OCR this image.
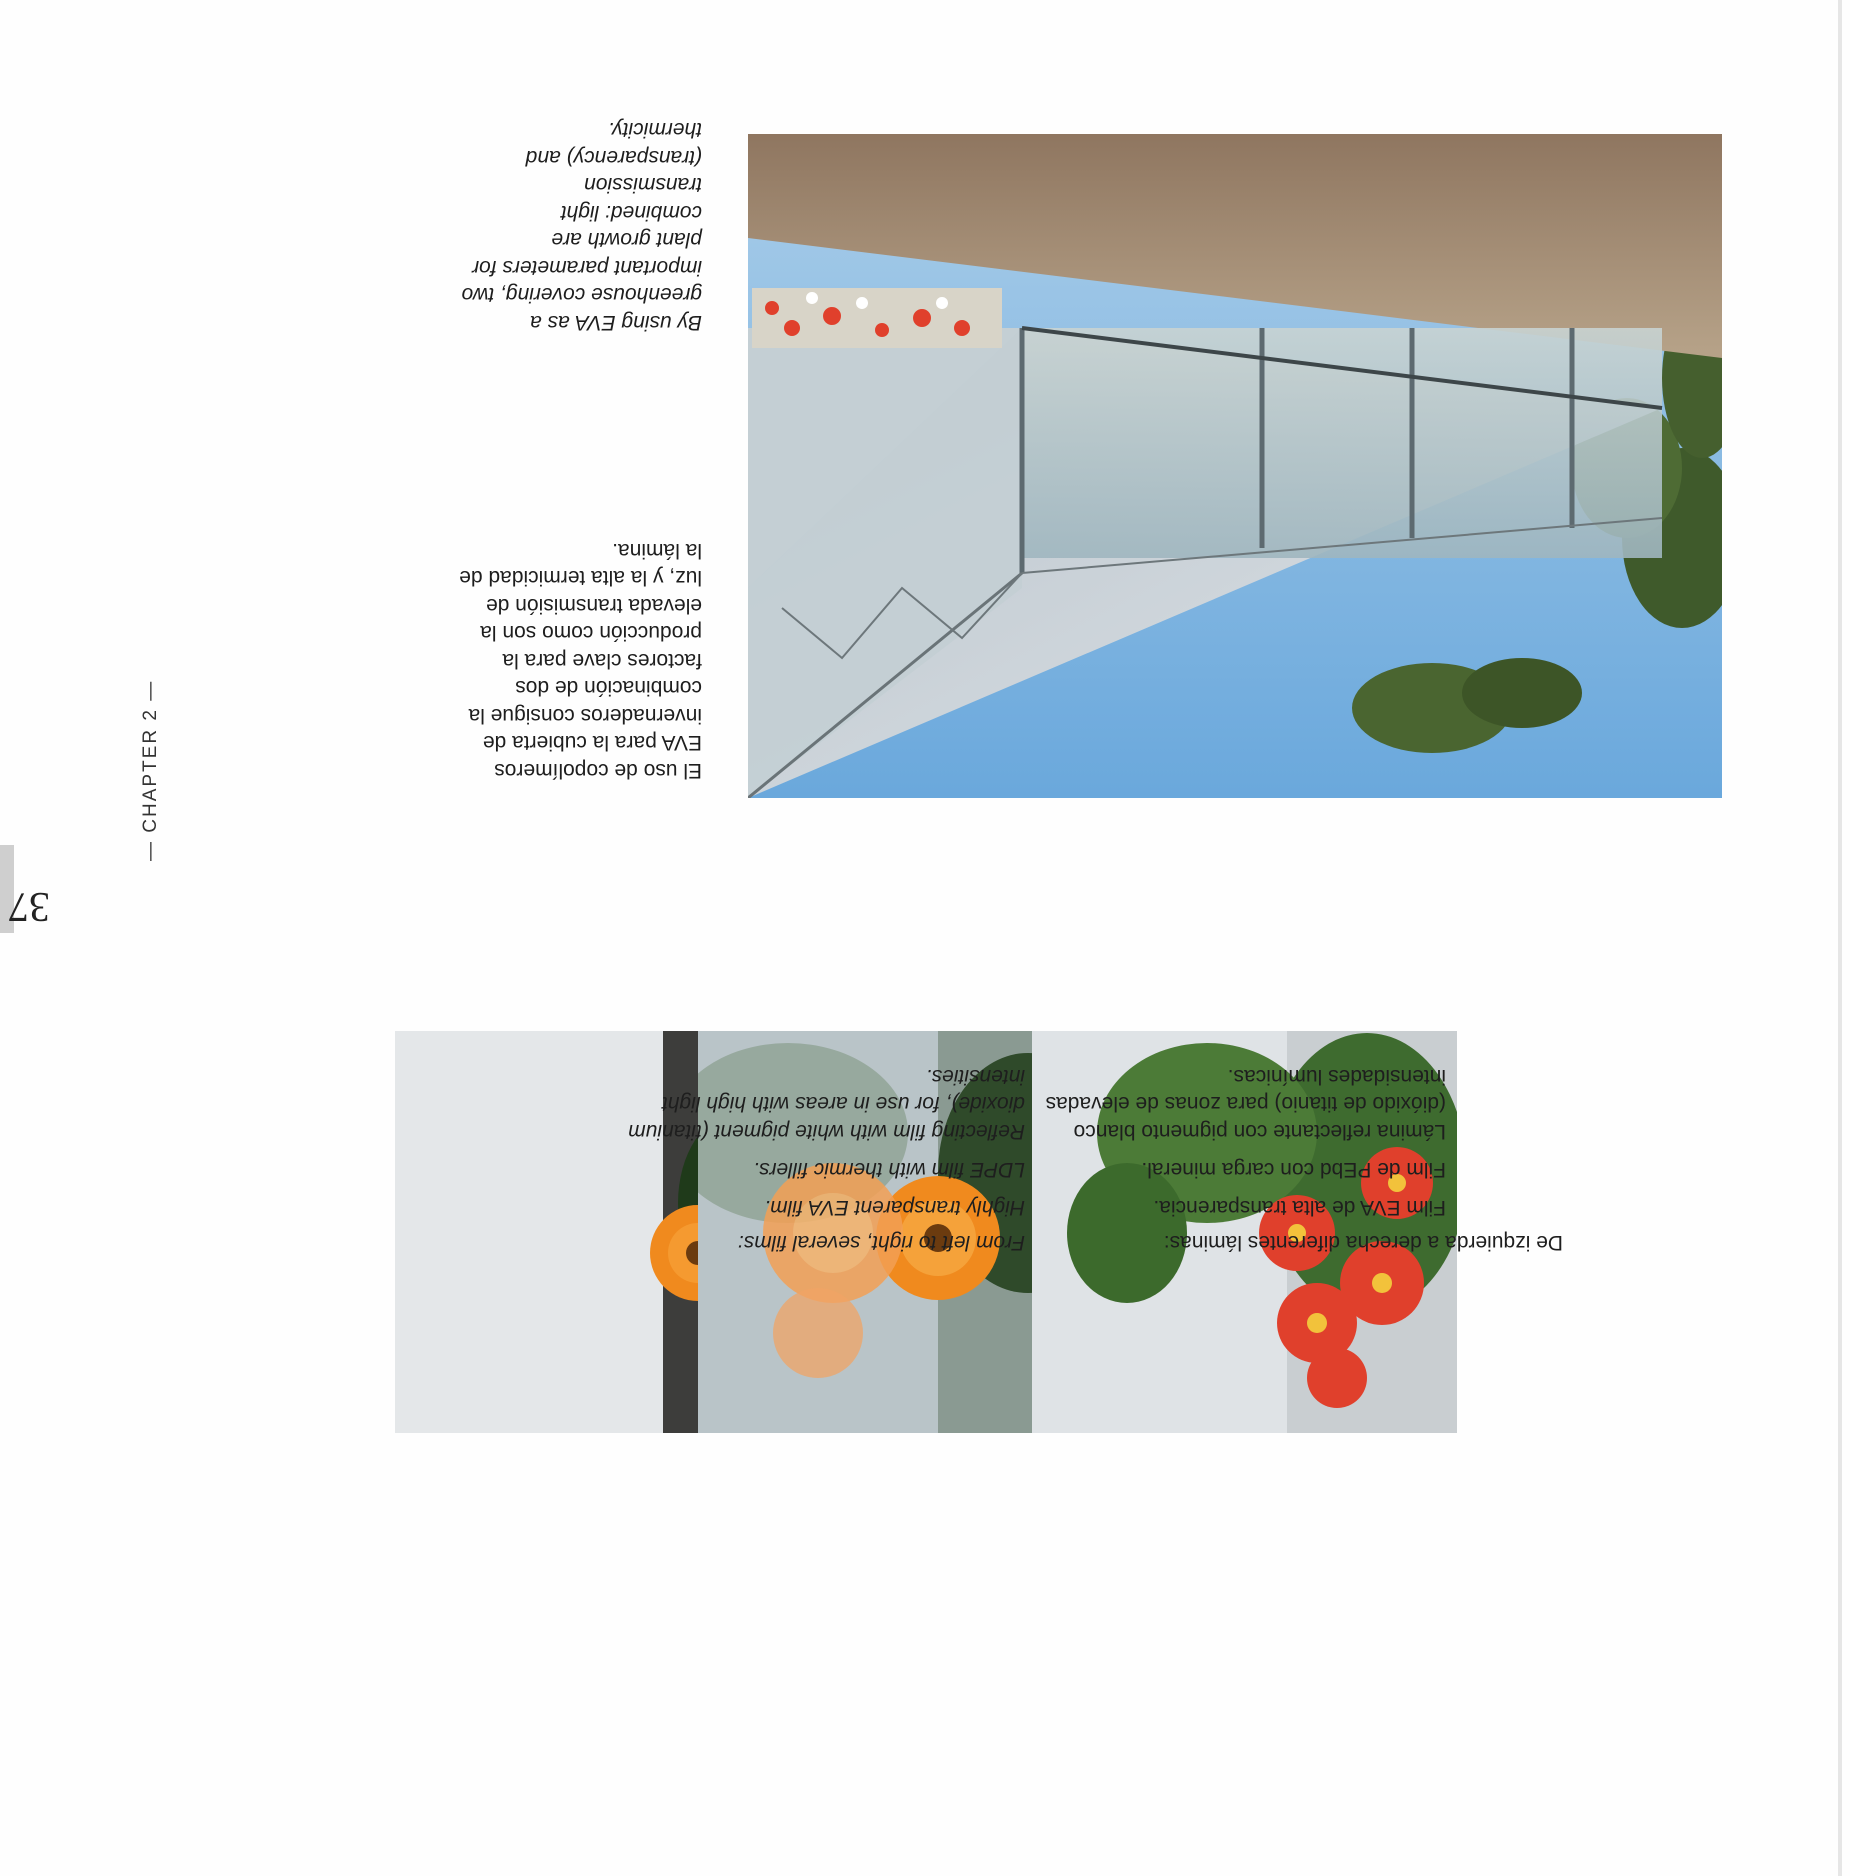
37
— CHAPTER 2 —	El uso de copolímeros
EVA para la cubierta de
invernaderos consigue la
combinación de dos
factores clave para la
producción como son la
elevada transmisión de
luz, y la alta termicidad de
la lámina.
By using EVA as a
greenhouse covering, two
important parameters for
plant growth are
combined: light
transmission
(transparency) and
thermicity.
De izquierda a derecha diferentes láminas:
Film EVA de alta transparencia.
Film de PEbd con carga mineral.
Lámina reflectante con pigmento blanco
(dióxido de titanio) para zonas de elevadas
intensidades lumínicas.
From left to right, several films:
Highly transparent EVA film.
LDPE film with thermic fillers.
Reflecting film with white pigment (titanium
dioxide), for use in areas with high light
intensities.
